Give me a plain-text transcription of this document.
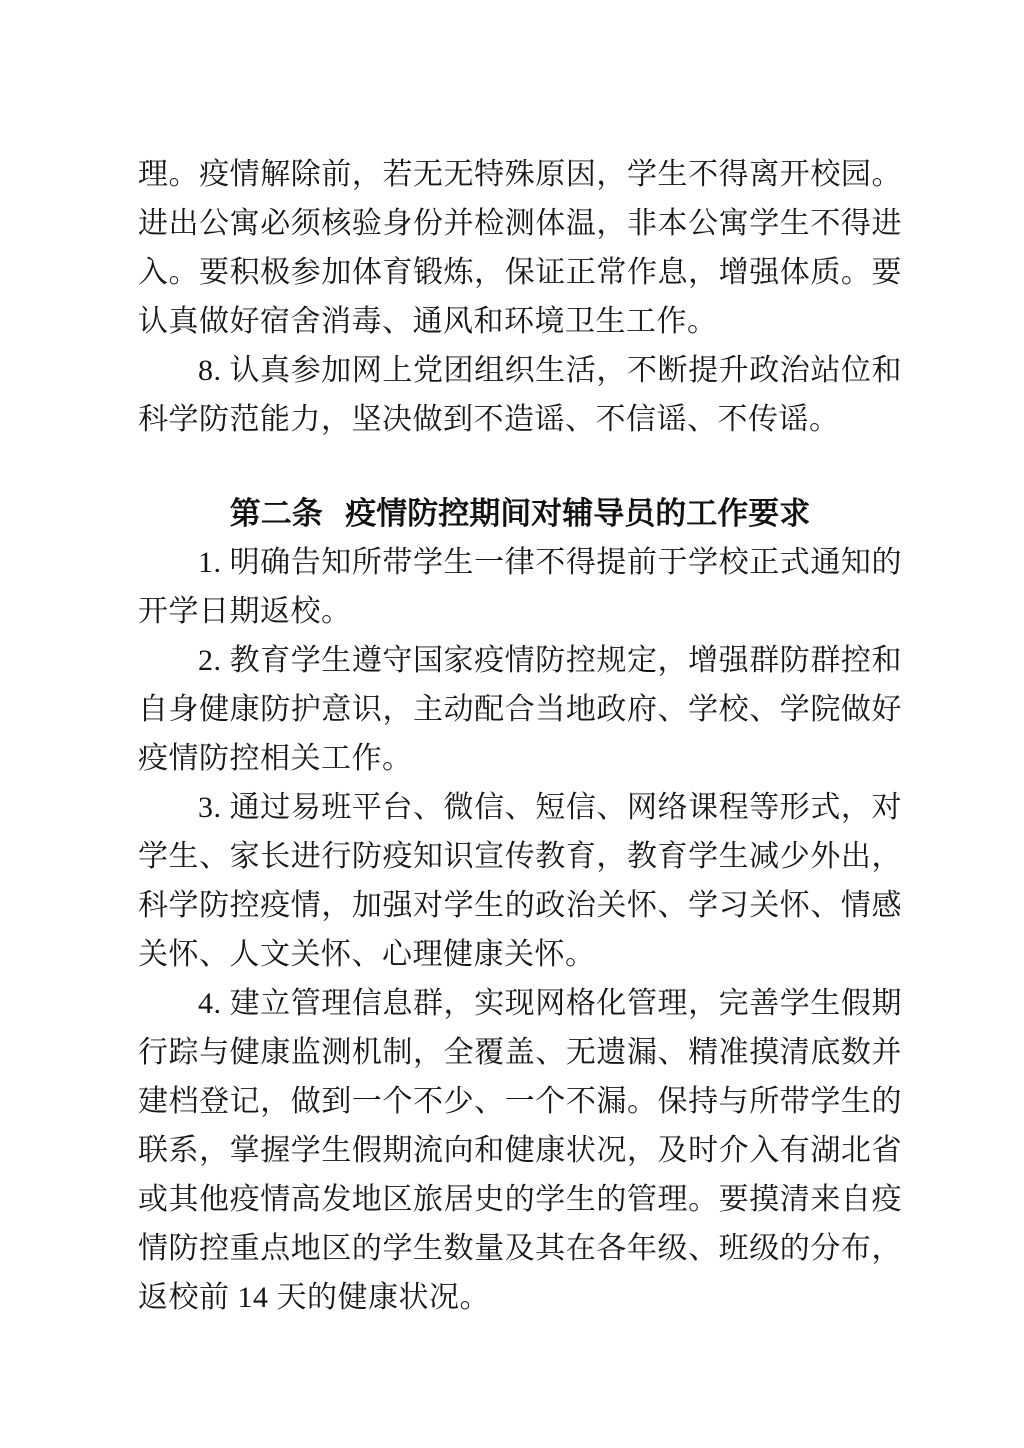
理。疫情解除前，若无无特殊原因，学生不得离开校园。进出公寓必须核验身份并检测体温，非本公寓学生不得进入。要积极参加体育锻炼，保证正常作息，增强体质。要认真做好宿舍消毒、通风和环境卫生工作。

8. 认真参加网上党团组织生活，不断提升政治站位和科学防范能力，坚决做到不造谣、不信谣、不传谣。

第二条 疫情防控期间对辅导员的工作要求

1. 明确告知所带学生一律不得提前于学校正式通知的开学日期返校。

2. 教育学生遵守国家疫情防控规定，增强群防群控和自身健康防护意识，主动配合当地政府、学校、学院做好疫情防控相关工作。

3. 通过易班平台、微信、短信、网络课程等形式，对学生、家长进行防疫知识宣传教育，教育学生减少外出，科学防控疫情，加强对学生的政治关怀、学习关怀、情感关怀、人文关怀、心理健康关怀。

4. 建立管理信息群，实现网格化管理，完善学生假期行踪与健康监测机制，全覆盖、无遗漏、精准摸清底数并建档登记，做到一个不少、一个不漏。保持与所带学生的联系，掌握学生假期流向和健康状况，及时介入有湖北省或其他疫情高发地区旅居史的学生的管理。要摸清来自疫情防控重点地区的学生数量及其在各年级、班级的分布，返校前 14 天的健康状况。
